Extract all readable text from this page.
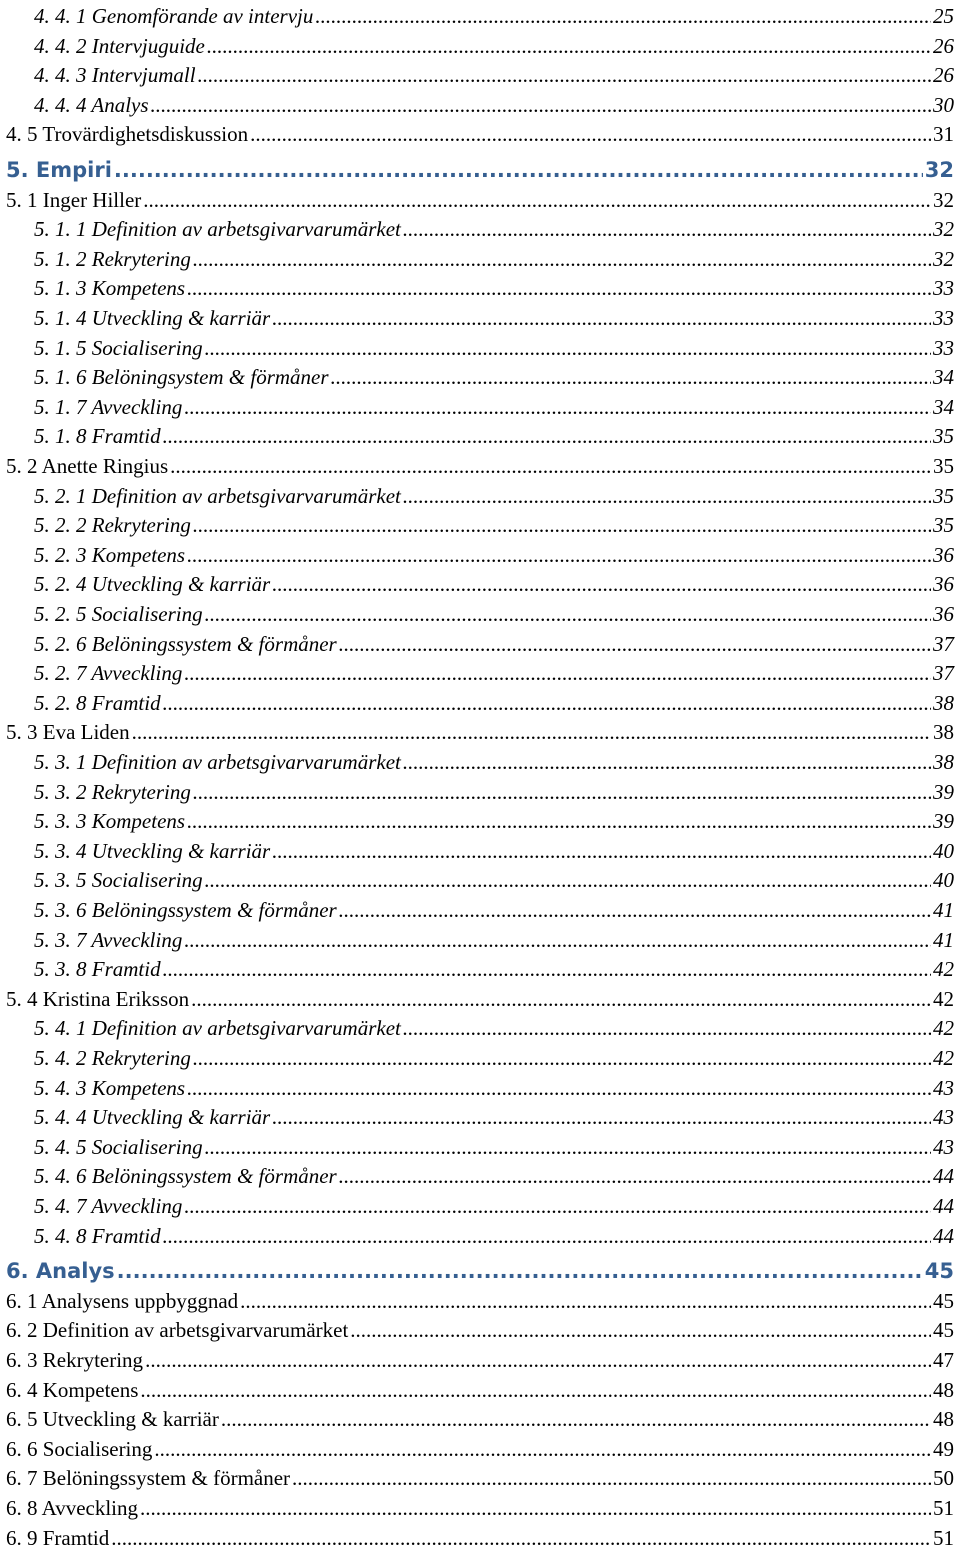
4. 4. 1 Genomförande av intervju .....	25
4. 4. 2 Intervjuguide .....	26
4. 4. 3 Intervjumall .....	26
4. 4. 4 Analys .....	30
4. 5 Trovärdighetsdiskussion .....	31
5. Empiri .....	32
5. 1 Inger Hiller .....	32
5. 1. 1 Definition av arbetsgivarvarumärket .....	32
5. 1. 2 Rekrytering .....	32
5. 1. 3 Kompetens .....	33
5. 1. 4 Utveckling & karriär .....	33
5. 1. 5 Socialisering .....	33
5. 1. 6 Belöningsystem & förmåner .....	34
5. 1. 7 Avveckling .....	34
5. 1. 8 Framtid .....	35
5. 2 Anette Ringius .....	35
5. 2. 1 Definition av arbetsgivarvarumärket .....	35
5. 2. 2 Rekrytering .....	35
5. 2. 3 Kompetens .....	36
5. 2. 4 Utveckling & karriär .....	36
5. 2. 5 Socialisering .....	36
5. 2. 6 Belöningssystem & förmåner .....	37
5. 2. 7 Avveckling .....	37
5. 2. 8 Framtid .....	38
5. 3 Eva Liden .....	38
5. 3. 1 Definition av arbetsgivarvarumärket .....	38
5. 3. 2 Rekrytering .....	39
5. 3. 3 Kompetens .....	39
5. 3. 4 Utveckling & karriär .....	40
5. 3. 5 Socialisering .....	40
5. 3. 6 Belöningssystem & förmåner .....	41
5. 3. 7 Avveckling .....	41
5. 3. 8 Framtid .....	42
5. 4 Kristina Eriksson .....	42
5. 4. 1 Definition av arbetsgivarvarumärket .....	42
5. 4. 2 Rekrytering .....	42
5. 4. 3 Kompetens .....	43
5. 4. 4 Utveckling & karriär .....	43
5. 4. 5 Socialisering .....	43
5. 4. 6 Belöningssystem & förmåner .....	44
5. 4. 7 Avveckling .....	44
5. 4. 8 Framtid .....	44
6. Analys .....	45
6. 1 Analysens uppbyggnad .....	45
6. 2 Definition av arbetsgivarvarumärket .....	45
6. 3 Rekrytering .....	47
6. 4 Kompetens .....	48
6. 5 Utveckling & karriär .....	48
6. 6 Socialisering .....	49
6. 7 Belöningssystem & förmåner .....	50
6. 8 Avveckling .....	51
6. 9 Framtid .....	51
